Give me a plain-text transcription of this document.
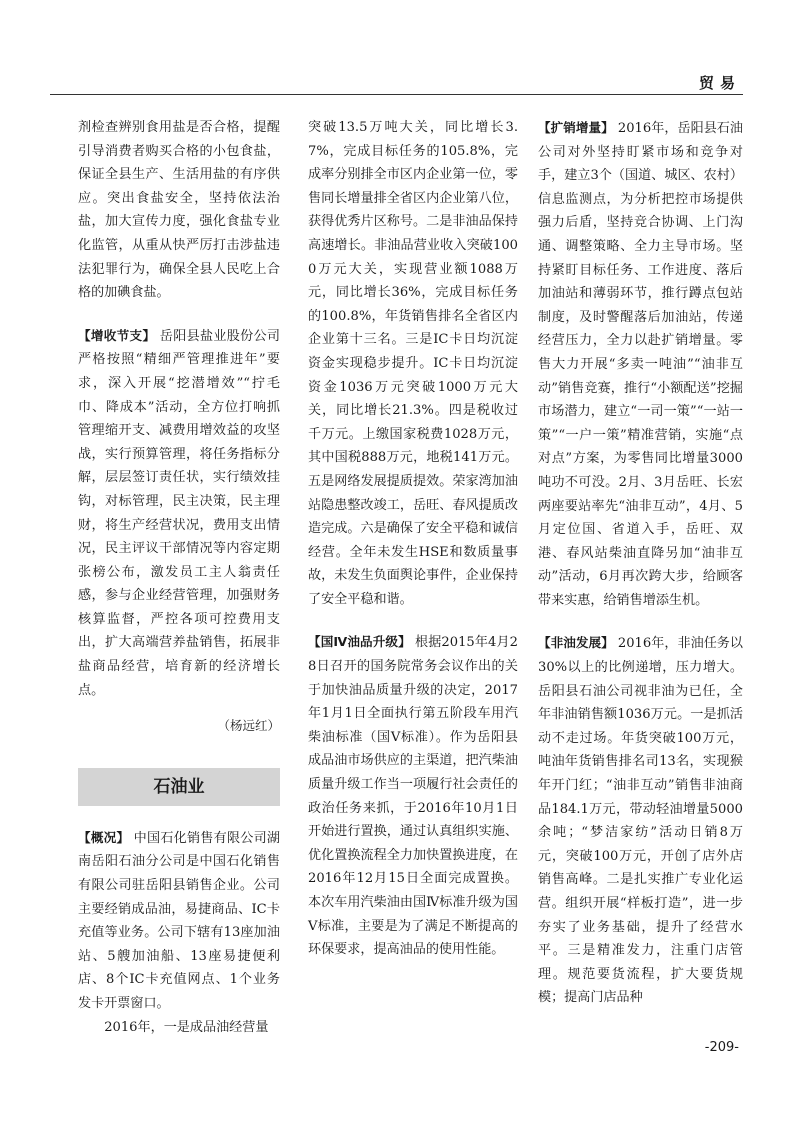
贸易

剂检查辨别食用盐是否合格，提醒引导消费者购买合格的小包食盐，保证全县生产、生活用盐的有序供应。突出食盐安全，坚持依法治盐，加大宣传力度，强化食盐专业化监管，从重从快严厉打击涉盐违法犯罪行为，确保全县人民吃上合格的加碘食盐。

【增收节支】 岳阳县盐业股份公司严格按照“精细严管理推进年”要求，深入开展“挖潜增效”“拧毛巾、降成本”活动，全方位打响抓管理缩开支、减费用增效益的攻坚战，实行预算管理，将任务指标分解，层层签订责任状，实行绩效挂钩，对标管理，民主决策，民主理财，将生产经营状况，费用支出情况，民主评议干部情况等内容定期张榜公布，激发员工主人翁责任感，参与企业经营管理，加强财务核算监督，严控各项可控费用支出，扩大高端营养盐销售，拓展非盐商品经营，培育新的经济增长点。

（杨远红）

石油业

【概况】 中国石化销售有限公司湖南岳阳石油分公司是中国石化销售有限公司驻岳阳县销售企业。公司主要经销成品油，易捷商品、IC卡充值等业务。公司下辖有13座加油站、5艘加油船、13座易捷便利店、8个IC卡充值网点、1个业务发卡开票窗口。

2016年，一是成品油经营量

突破13.5万吨大关，同比增长3.7%，完成目标任务的105.8%，完成率分别排全市区内企业第一位，零售同长增量排全省区内企业第八位，获得优秀片区称号。二是非油品保持高速增长。非油品营业收入突破1000万元大关，实现营业额1088万元，同比增长36%，完成目标任务的100.8%，年货销售排名全省区内企业第十三名。三是IC卡日均沉淀资金实现稳步提升。IC卡日均沉淀资金1036万元突破1000万元大关，同比增长21.3%。四是税收过千万元。上缴国家税费1028万元，其中国税888万元，地税141万元。五是网络发展提质提效。荣家湾加油站隐患整改竣工，岳旺、春风提质改造完成。六是确保了安全平稳和诚信经营。全年未发生HSE和数质量事故，未发生负面舆论事件，企业保持了安全平稳和谐。

【国Ⅳ油品升级】 根据2015年4月28日召开的国务院常务会议作出的关于加快油品质量升级的决定，2017年1月1日全面执行第五阶段车用汽柴油标准（国Ⅴ标准）。作为岳阳县成品油市场供应的主渠道，把汽柴油质量升级工作当一项履行社会责任的政治任务来抓，于2016年10月1日开始进行置换，通过认真组织实施、优化置换流程全力加快置换进度，在2016年12月15日全面完成置换。本次车用汽柴油由国Ⅳ标准升级为国Ⅴ标准，主要是为了满足不断提高的环保要求，提高油品的使用性能。

【扩销增量】 2016年，岳阳县石油公司对外坚持盯紧市场和竞争对手，建立3个（国道、城区、农村）信息监测点，为分析把控市场提供强力后盾，坚持竞合协调、上门沟通、调整策略、全力主导市场。坚持紧盯目标任务、工作进度、落后加油站和薄弱环节，推行蹲点包站制度，及时警醒落后加油站，传递经营压力，全力以赴扩销增量。零售大力开展“多卖一吨油”“油非互动”销售竞赛，推行“小额配送”挖掘市场潜力，建立“一司一策”“一站一策”“一户一策”精准营销，实施“点对点”方案，为零售同比增量3000吨功不可没。2月、3月岳旺、长宏两座要站率先“油非互动”，4月、5月定位国、省道入手，岳旺、双港、春风站柴油直降另加“油非互动”活动，6月再次跨大步，给顾客带来实惠，给销售增添生机。

【非油发展】 2016年，非油任务以30%以上的比例递增，压力增大。岳阳县石油公司视非油为已任，全年非油销售额1036万元。一是抓活动不走过场。年货突破100万元，吨油年货销售排名司13名，实现猴年开门红；“油非互动”销售非油商品184.1万元，带动轻油增量5000余吨；“梦洁家纺”活动日销8万元，突破100万元，开创了店外店销售高峰。二是扎实推广专业化运营。组织开展“样板打造”，进一步夯实了业务基础，提升了经营水平。三是精准发力，注重门店管理。规范要货流程，扩大要货规模；提高门店品种

-209-
